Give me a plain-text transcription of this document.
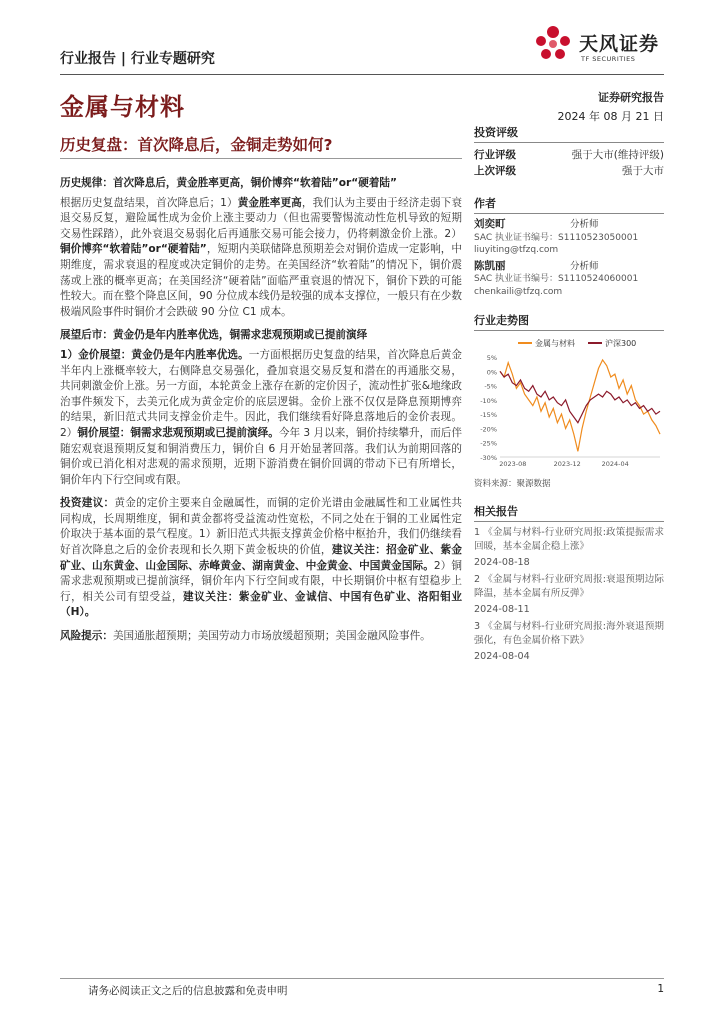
行业报告 | 行业专题研究
天风证券
TF SECURITIES
金属与材料	证券研究报告
2024 年 08 月 21 日
历史复盘：首次降息后，金铜走势如何?

历史规律：首次降息后，黄金胜率更高，铜价博弈“软着陆”or“硬着陆”

根据历史复盘结果，首次降息后；1）黄金胜率更高，我们认为主要由于经济走弱下衰退交易反复，避险属性成为金价上涨主要动力（但也需要警惕流动性危机导致的短期交易性踩踏），此外衰退交易弱化后再通胀交易可能会接力，仍将刺激金价上涨。2）铜价博弈“软着陆”or“硬着陆”，短期内美联储降息预期差会对铜价造成一定影响，中期维度，需求衰退的程度或决定铜价的走势。在美国经济“软着陆”的情况下，铜价震荡或上涨的概率更高；在美国经济“硬着陆”面临严重衰退的情况下，铜价下跌的可能性较大。而在整个降息区间，90 分位成本线仍是较强的成本支撑位，一般只有在少数极端风险事件时铜价才会跌破 90 分位 C1 成本。

展望后市：黄金仍是年内胜率优选，铜需求悲观预期或已提前演绎

1）金价展望：黄金仍是年内胜率优选。一方面根据历史复盘的结果，首次降息后黄金半年内上涨概率较大，右侧降息交易强化，叠加衰退交易反复和潜在的再通胀交易，共同刺激金价上涨。另一方面，本轮黄金上涨存在新的定价因子，流动性扩张&地缘政治事件频发下，去美元化成为黄金定价的底层逻辑。金价上涨不仅仅是降息预期博弈的结果，新旧范式共同支撑金价走牛。因此，我们继续看好降息落地后的金价表现。2）铜价展望：铜需求悲观预期或已提前演绎。今年 3 月以来，铜价持续攀升，而后伴随宏观衰退预期反复和铜消费压力，铜价自 6 月开始显著回落。我们认为前期回落的铜价或已消化相对悲观的需求预期，近期下游消费在铜价回调的带动下已有所增长，铜价年内下行空间或有限。

投资建议：黄金的定价主要来自金融属性，而铜的定价光谱由金融属性和工业属性共同构成，长周期维度，铜和黄金都将受益流动性宽松，不同之处在于铜的工业属性定价取决于基本面的景气程度。1）新旧范式共振支撑黄金价格中枢抬升，我们仍继续看好首次降息之后的金价表现和长久期下黄金板块的价值，建议关注：招金矿业、紫金矿业、山东黄金、山金国际、赤峰黄金、湖南黄金、中金黄金、中国黄金国际。2）铜需求悲观预期或已提前演绎，铜价年内下行空间或有限，中长期铜价中枢有望稳步上行，相关公司有望受益，建议关注：紫金矿业、金诚信、中国有色矿业、洛阳钼业（H）。

风险提示：美国通胀超预期；美国劳动力市场放缓超预期；美国金融风险事件。

投资评级
行业评级	强于大市(维持评级)
上次评级	强于大市
作者
刘奕町	分析师
SAC 执业证书编号：S1110523050001
liuyiting@tfzq.com
陈凯丽	分析师
SAC 执业证书编号：S1110524060001
chenkaili@tfzq.com
行业走势图
金属与材料	沪深300
5%
0%
-5%
-10%
-15%
-20%
-25%
-30%
2023-08	2023-12	2024-04
资料来源：聚源数据
相关报告
1 《金属与材料-行业研究周报:政策提振需求回暖，基本金属企稳上涨》
2024-08-18
2 《金属与材料-行业研究周报:衰退预期边际降温，基本金属有所反弹》
2024-08-11
3 《金属与材料-行业研究周报:海外衰退预期强化，有色金属价格下跌》
2024-08-04
请务必阅读正文之后的信息披露和免责申明	1
